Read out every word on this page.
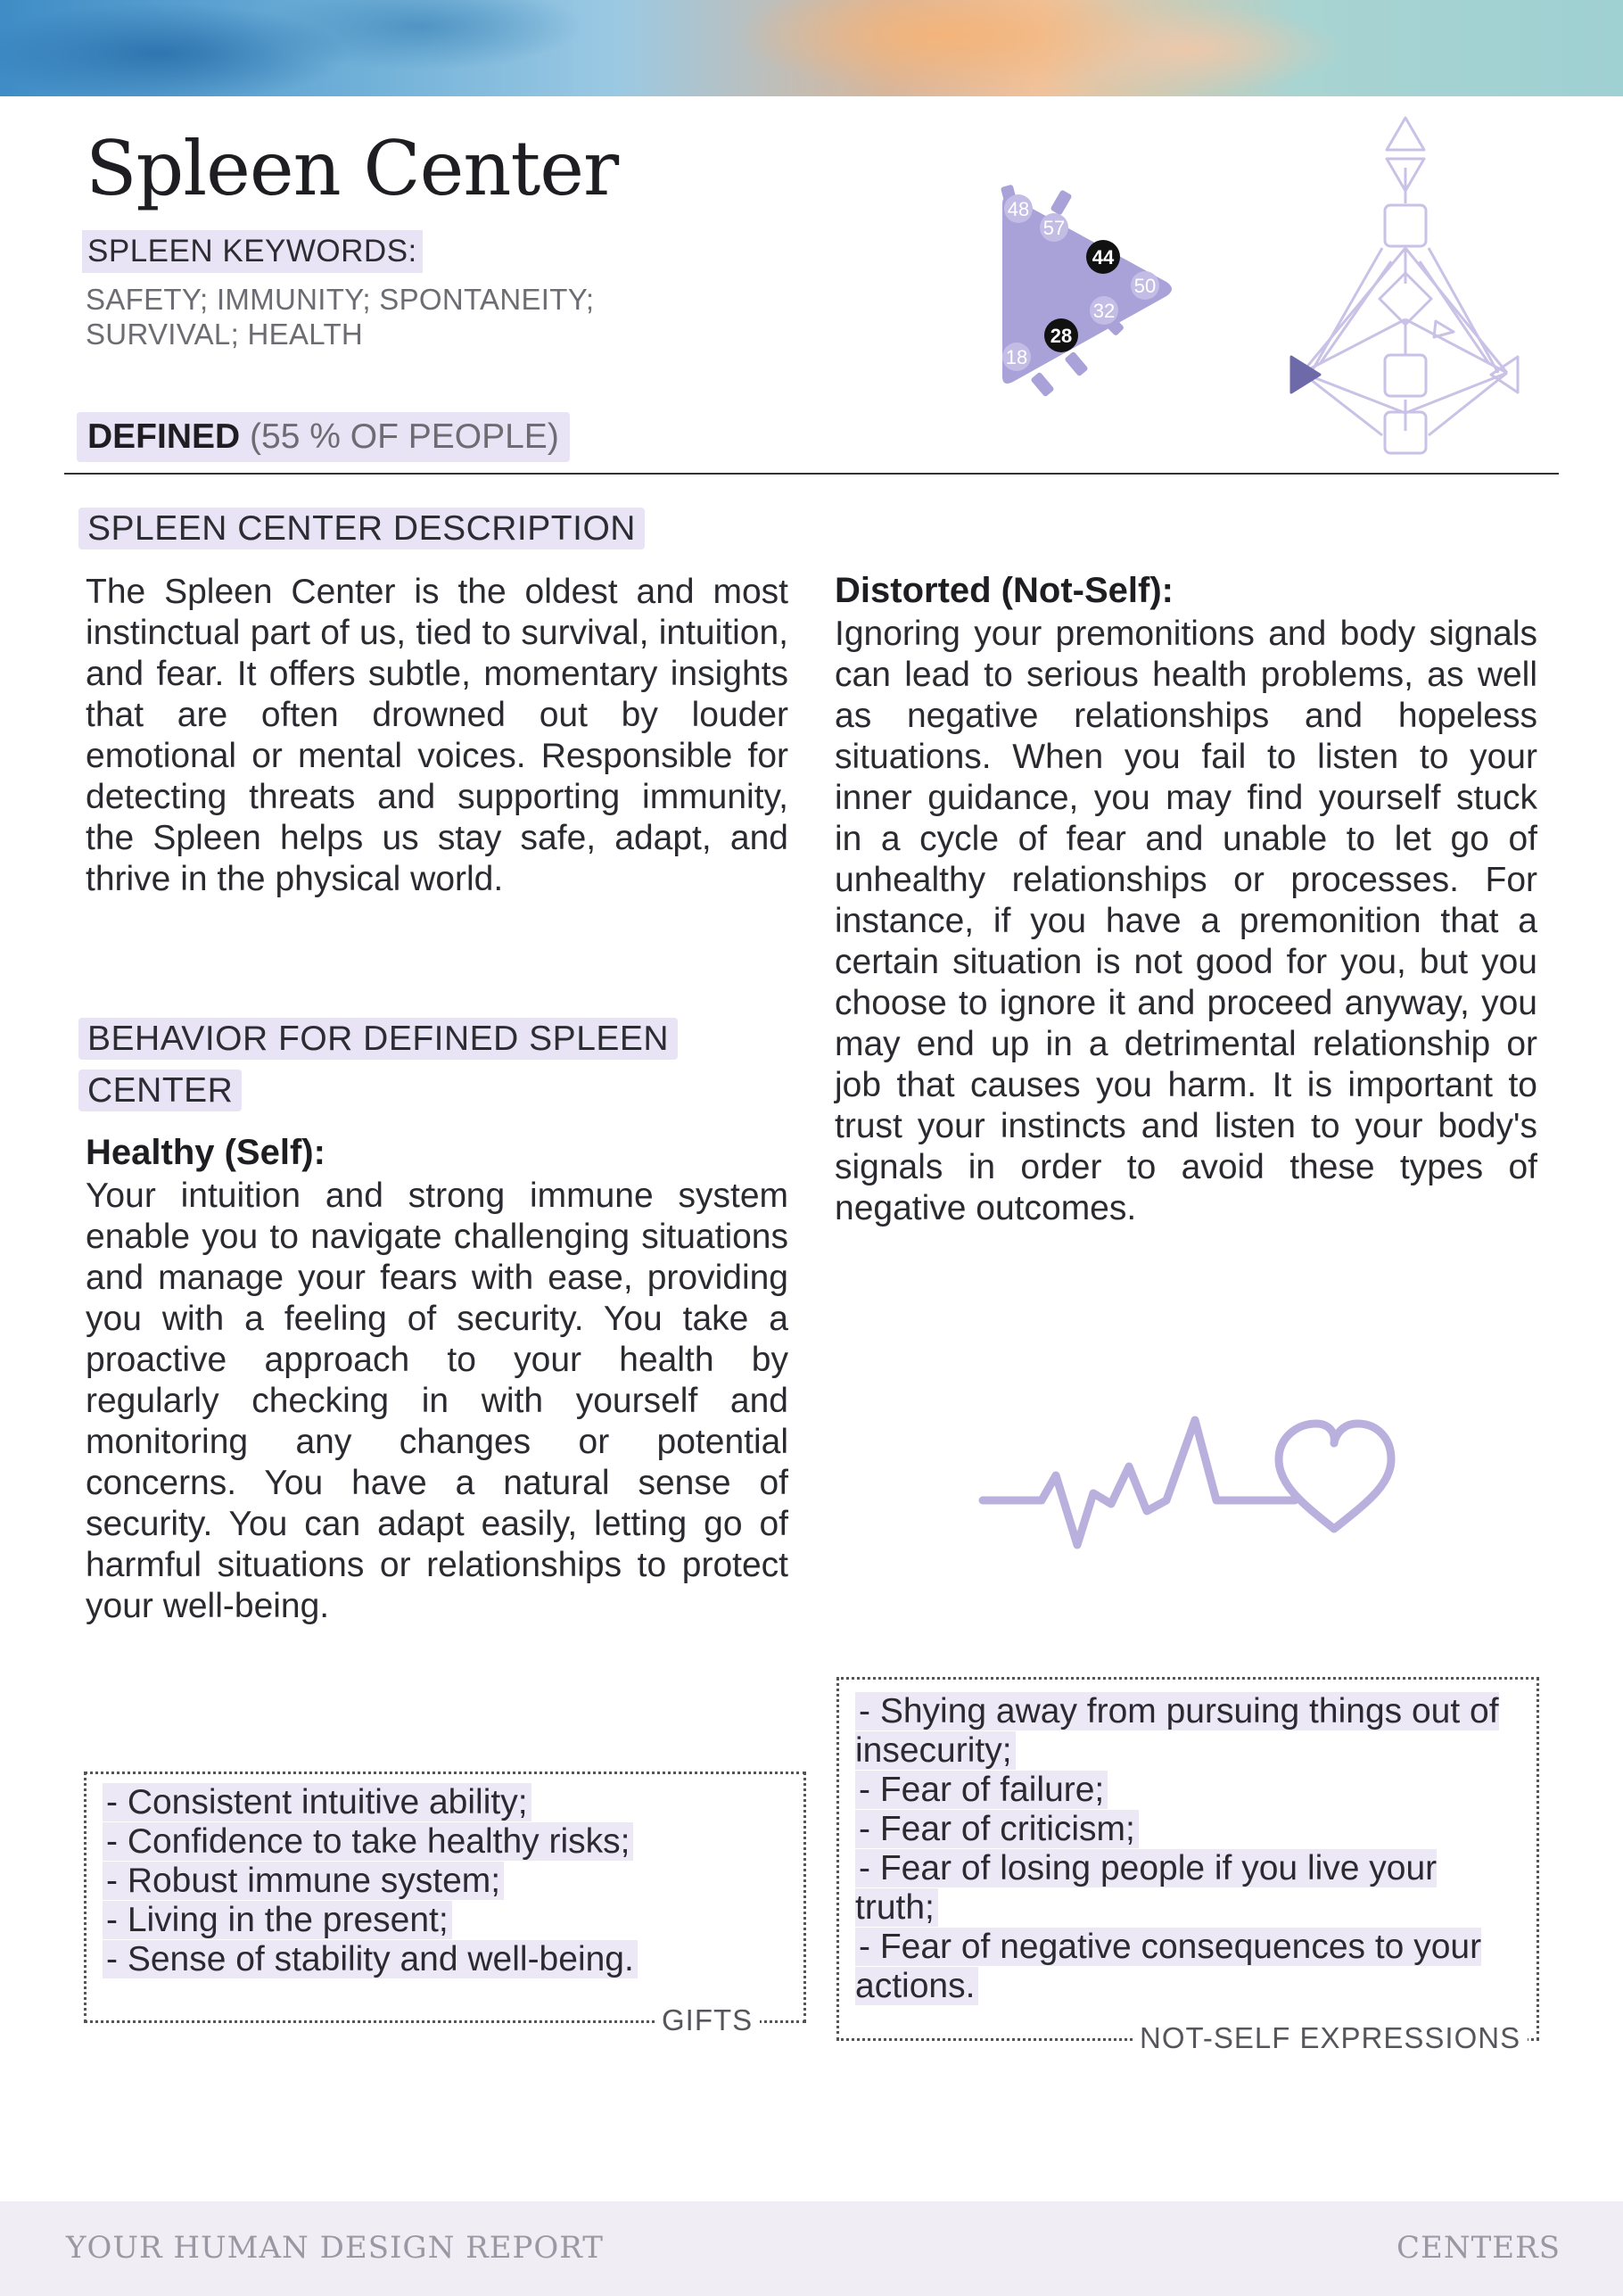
Spleen Center
SPLEEN KEYWORDS:
SAFETY; IMMUNITY; SPONTANEITY;
SURVIVAL; HEALTH
48
57
44
50
32
28
18
DEFINED (55 % OF PEOPLE)
SPLEEN CENTER DESCRIPTION

The Spleen Center is the oldest and most instinctual part of us, tied to survival, intuition, and fear. It offers subtle, momentary insights that are often drowned out by louder emotional or mental voices. Responsible for detecting threats and supporting immunity, the Spleen helps us stay safe, adapt, and thrive in the physical world.

BEHAVIOR FOR DEFINED SPLEEN
CENTER
Healthy (Self):

Your intuition and strong immune system enable you to navigate challenging situations and manage your fears with ease, providing you with a feeling of security. You take a proactive approach to your health by regularly checking in with yourself and monitoring any changes or potential concerns. You have a natural sense of security. You can adapt easily, letting go of harmful situations or relationships to protect your well-being.

Distorted (Not-Self):

Ignoring your premonitions and body signals can lead to serious health problems, as well as negative relationships and hopeless situations. When you fail to listen to your inner guidance, you may find yourself stuck in a cycle of fear and unable to let go of unhealthy relationships or processes. For instance, if you have a premonition that a certain situation is not good for you, but you choose to ignore it and proceed anyway, you may end up in a detrimental relationship or job that causes you harm. It is important to trust your instincts and listen to your body's signals in order to avoid these types of negative outcomes.

- Consistent intuitive ability;
- Confidence to take healthy risks;
- Robust immune system;
- Living in the present;
- Sense of stability and well-being.
GIFTS
- Shying away from pursuing things out of insecurity;
- Fear of failure;
- Fear of criticism;
- Fear of losing people if you live your truth;
- Fear of negative consequences to your actions.
NOT-SELF EXPRESSIONS
YOUR HUMAN DESIGN REPORT	CENTERS
